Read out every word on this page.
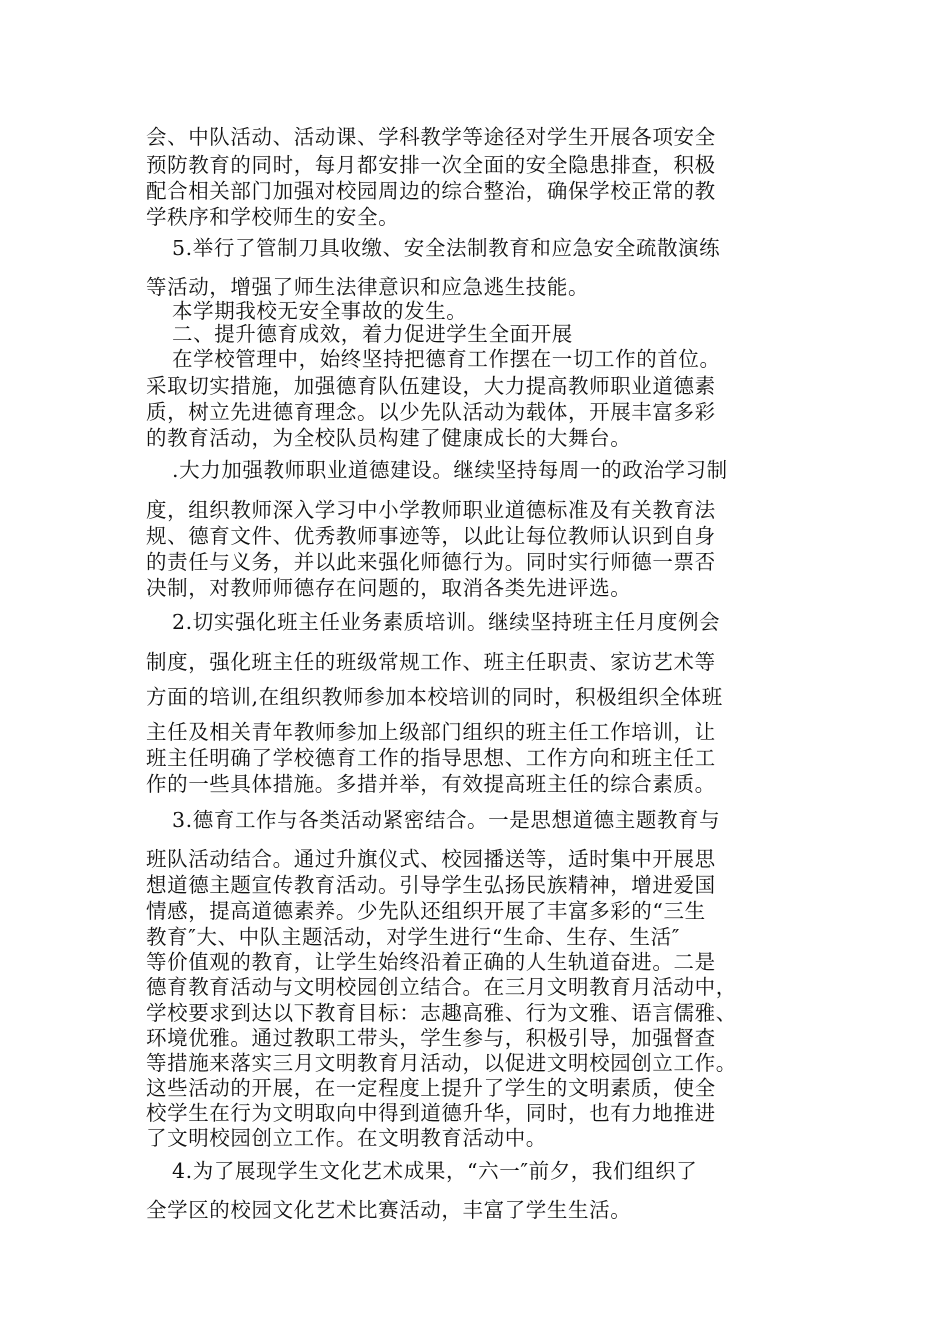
会、中队活动、活动课、学科教学等途径对学生开展各项安全

预防教育的同时，每月都安排一次全面的安全隐患排查，积极

配合相关部门加强对校园周边的综合整治，确保学校正常的教

学秩序和学校师生的安全。

5.举行了管制刀具收缴、安全法制教育和应急安全疏散演练

等活动，增强了师生法律意识和应急逃生技能。

本学期我校无安全事故的发生。

二、提升德育成效，着力促进学生全面开展

在学校管理中，始终坚持把德育工作摆在一切工作的首位。

采取切实措施，加强德育队伍建设，大力提高教师职业道德素

质，树立先进德育理念。以少先队活动为载体，开展丰富多彩

的教育活动，为全校队员构建了健康成长的大舞台。

.大力加强教师职业道德建设。继续坚持每周一的政治学习制

度，组织教师深入学习中小学教师职业道德标准及有关教育法

规、德育文件、优秀教师事迹等，以此让每位教师认识到自身

的责任与义务，并以此来强化师德行为。同时实行师德一票否

决制，对教师师德存在问题的，取消各类先进评选。

2.切实强化班主任业务素质培训。继续坚持班主任月度例会

制度，强化班主任的班级常规工作、班主任职责、家访艺术等

方面的培训,在组织教师参加本校培训的同时，积极组织全体班

主任及相关青年教师参加上级部门组织的班主任工作培训，让

班主任明确了学校德育工作的指导思想、工作方向和班主任工

作的一些具体措施。多措并举，有效提高班主任的综合素质。

3.德育工作与各类活动紧密结合。一是思想道德主题教育与

班队活动结合。通过升旗仪式、校园播送等，适时集中开展思

想道德主题宣传教育活动。引导学生弘扬民族精神，增进爱国

情感，提高道德素养。少先队还组织开展了丰富多彩的“三生

教育″大、中队主题活动，对学生进行“生命、生存、生活″

等价值观的教育，让学生始终沿着正确的人生轨道奋进。二是

德育教育活动与文明校园创立结合。在三月文明教育月活动中，

学校要求到达以下教育目标：志趣高雅、行为文雅、语言儒雅、

环境优雅。通过教职工带头，学生参与，积极引导，加强督查

等措施来落实三月文明教育月活动，以促进文明校园创立工作。

这些活动的开展，在一定程度上提升了学生的文明素质，使全

校学生在行为文明取向中得到道德升华，同时，也有力地推进

了文明校园创立工作。在文明教育活动中。

4.为了展现学生文化艺术成果，“六一″前夕，我们组织了

全学区的校园文化艺术比赛活动，丰富了学生生活。
